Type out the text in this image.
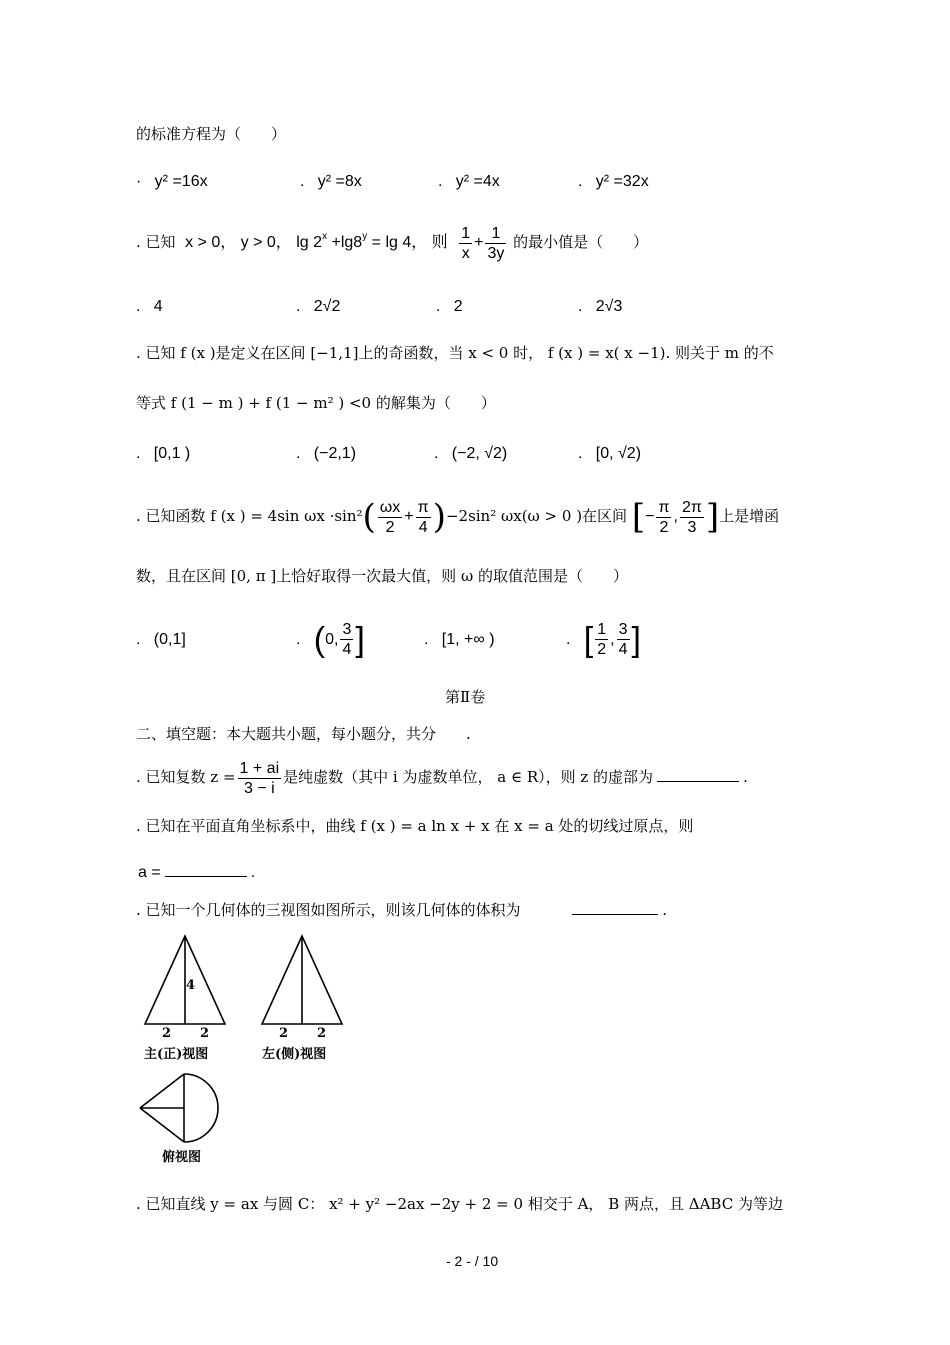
的标准方程为（　　）
·   y² =16x	.   y² =8x	.   y² =4x	.   y² =32x
. 已知 x > 0， y > 0， $\lg 2^x +\lg 8^y = \lg 4$， 则 $\frac{1}{x} + \frac{1}{3y}$ 的最小值是（　　）
.   4	.   2√2	.   2	.   2√3
. 已知 f (x )是定义在区间 [−1,1]上的奇函数，当 x < 0 时， f (x ) = x( x −1). 则关于 m 的不
等式 f (1 − m ) + f (1 − m² ) <0 的解集为（　　）
.   [0,1 )	.   (−2,1)	.   (−2, √2)	.   [0, √2)
. 已知函数 f (x ) = 4sin $\omega x \cdot\sin^2( \frac{\omega x}{2} + \frac{\pi}{4} )-2\sin^2$ ωx(ω > 0 )在区间 [− $\frac{\pi}{2}$ , $\frac{2\pi}{3}$ ]上是增函
数，且在区间 [0, π ]上恰好取得一次最大值，则 ω 的取值范围是（　　）
.   (0,1]	.   (0, $\frac{3}{4}$ ]	.   [1, +∞ )	.   [ $\frac{1}{2}$ , $\frac{3}{4}$ ]
第Ⅱ卷
二、填空题：本大题共小题，每小题分，共分　　.
. 已知复数 $z = \frac{1 + ai}{3 - i}$ 是纯虚数（其中 i 为虚数单位， a ∈ R），则 z 的虚部为	.
. 已知在平面直角坐标系中，曲线 f (x ) = a ln x + x 在 x = a 处的切线过原点，则
a =	.
. 已知一个几何体的三视图如图所示，则该几何体的体积为	.
4
2 2	2 2
主(正)视图	左(侧)视图
俯视图
. 已知直线 y = ax 与圆 C： x² + y² −2ax −2y + 2 = 0 相交于 A， B 两点，且 ΔABC 为等边
- 2 - / 10
